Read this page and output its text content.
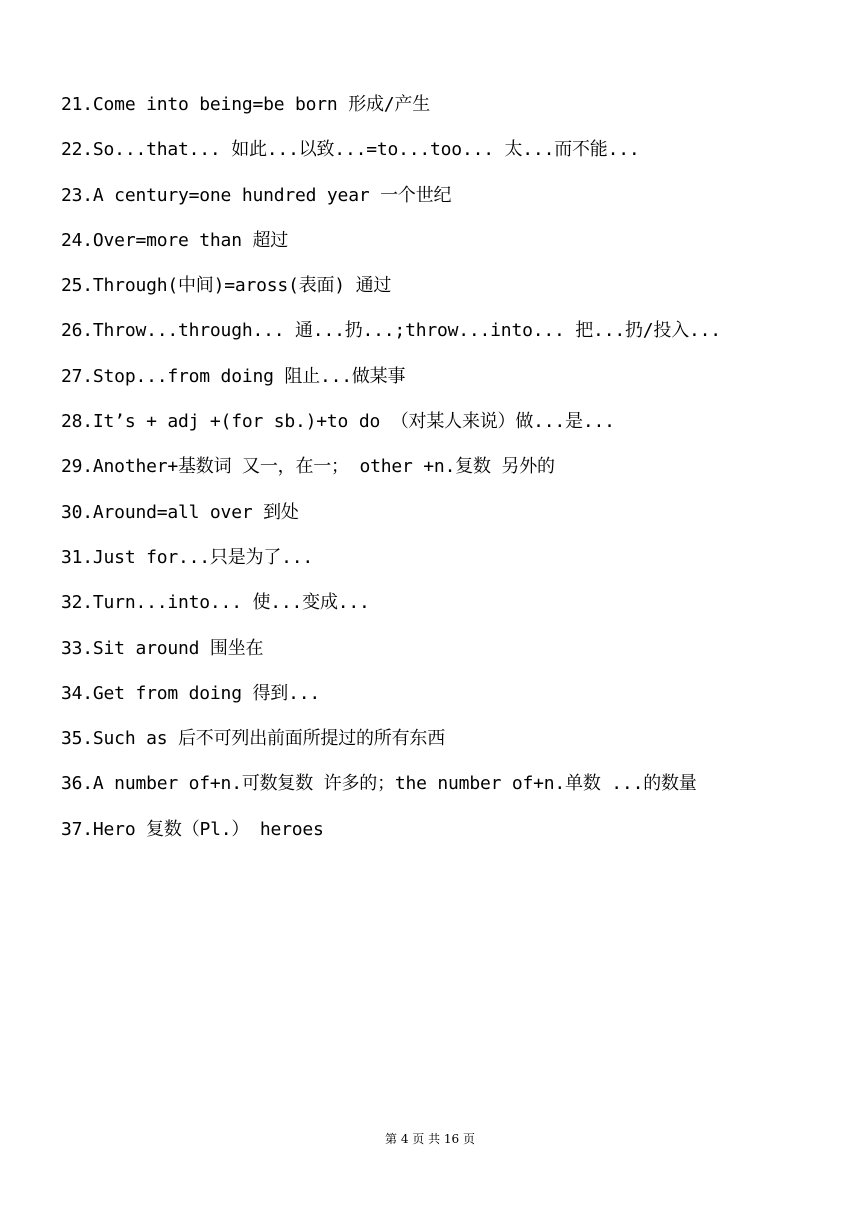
21.Come into being=be born 形成/产生
22.So...that... 如此...以致...=to...too... 太...而不能...
23.A century=one hundred year 一个世纪
24.Over=more than 超过
25.Through(中间)=aross(表面) 通过
26.Throw...through... 通...扔...;throw...into... 把...扔/投入...
27.Stop...from doing 阻止...做某事
28.It’s + adj +(for sb.)+to do （对某人来说）做...是...
29.Another+基数词 又一，在一； other +n.复数 另外的
30.Around=all over 到处
31.Just for...只是为了...
32.Turn...into... 使...变成...
33.Sit around 围坐在
34.Get from doing 得到...
35.Such as 后不可列出前面所提过的所有东西
36.A number of+n.可数复数 许多的；the number of+n.单数 ...的数量
37.Hero 复数（Pl.） heroes
第 4 页 共 16 页
